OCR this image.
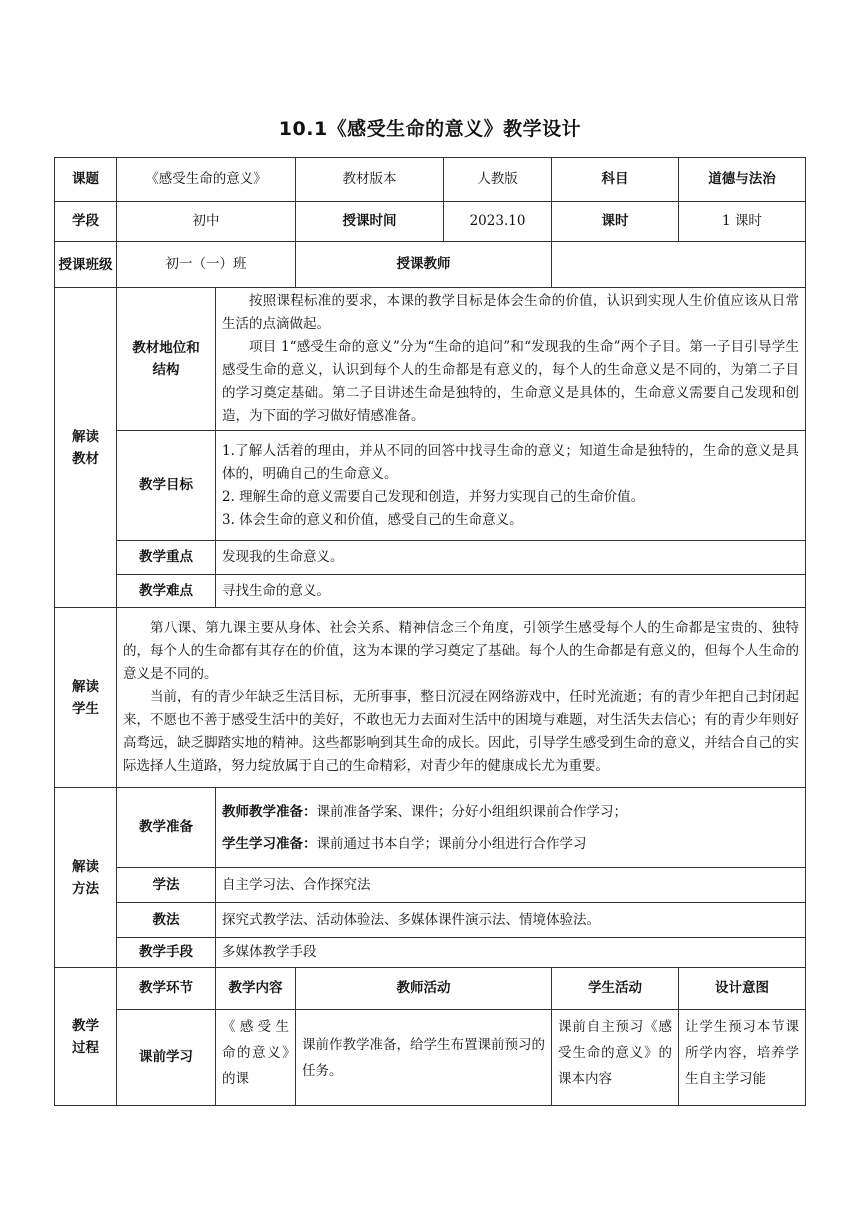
10.1《感受生命的意义》教学设计
课题	《感受生命的意义》		教材版本	人教版	科目	道德与法治
学段	初中		授课时间	2023.10	课时	1 课时
授课班级	初一（一）班		授课教师			
解读教材	教材地位和结构	按照课程标准的要求，本课的教学目标是体会生命的价值，认识到实现人生价值应该从日常生活的点滴做起。

项目 1“感受生命的意义”分为“生命的追问”和“发现我的生命”两个子目。第一子目引导学生感受生命的意义，认识到每个人的生命都是有意义的，每个人的生命意义是不同的，为第二子目的学习奠定基础。第二子目讲述生命是独特的，生命意义是具体的，生命意义需要自己发现和创造，为下面的学习做好情感准备。				

	教学目标	1.了解人活着的理由，并从不同的回答中找寻生命的意义；知道生命是独特的，生命的意义是具体的，明确自己的生命意义。

2. 理解生命的意义需要自己发现和创造，并努力实现自己的生命价值。

3. 体会生命的意义和价值，感受自己的生命意义。				

	教学重点	发现我的生命意义。				
	教学难点	寻找生命的意义。				
解读学生	第八课、第九课主要从身体、社会关系、精神信念三个角度，引领学生感受每个人的生命都是宝贵的、独特的，每个人的生命都有其存在的价值，这为本课的学习奠定了基础。每个人的生命都是有意义的，但每个人生命的意义是不同的。

当前，有的青少年缺乏生活目标，无所事事，整日沉浸在网络游戏中，任时光流逝；有的青少年把自己封闭起来，不愿也不善于感受生活中的美好，不敢也无力去面对生活中的困境与难题，对生活失去信心；有的青少年则好高骛远，缺乏脚踏实地的精神。这些都影响到其生命的成长。因此，引导学生感受到生命的意义，并结合自己的实际选择人生道路，努力绽放属于自己的生命精彩，对青少年的健康成长尤为重要。					

解读方法	教学准备	教师教学准备：课前准备学案、课件；分好小组组织课前合作学习；
学生学习准备：课前通过书本自学；课前分小组进行合作学习				

	学法	自主学习法、合作探究法				
	教法	探究式教学法、活动体验法、多媒体课件演示法、情境体验法。				
	教学手段	多媒体教学手段				
教学过程	教学环节	教学内容	教师活动		学生活动	设计意图
	课前学习	《感受生命的意义》的课	课前作教学准备，给学生布置课前预习的任务。		课前自主预习《感受生命的意义》的课本内容	让学生预习本节课所学内容，培养学生自主学习能
